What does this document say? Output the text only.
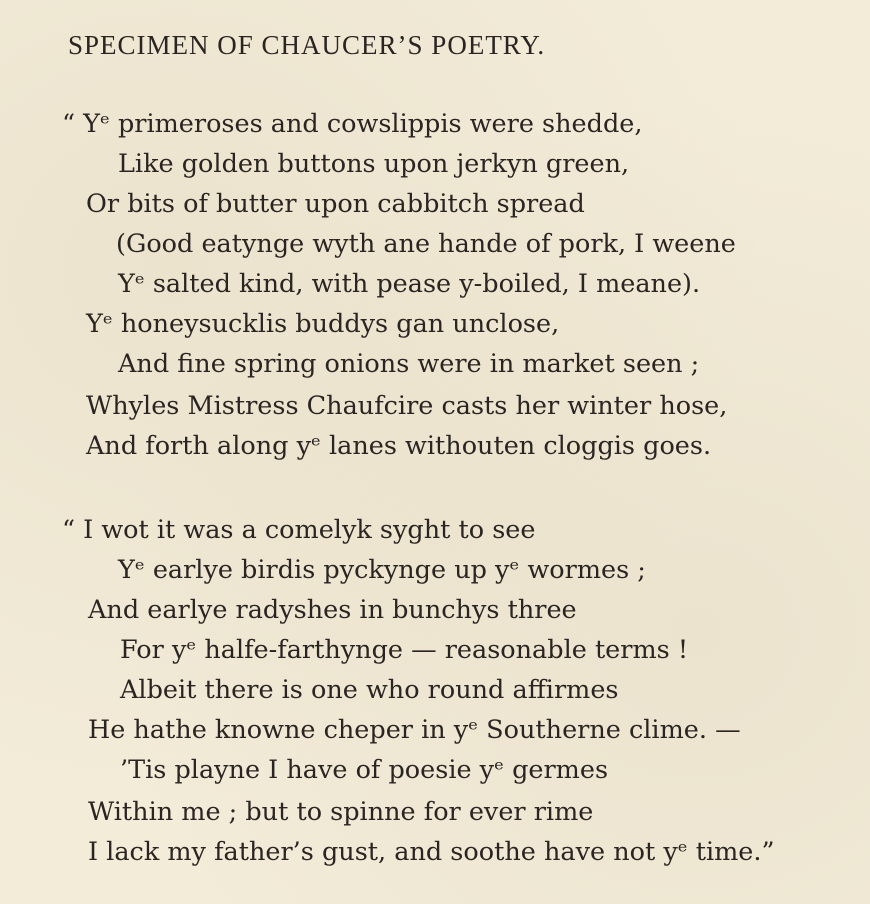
SPECIMEN OF CHAUCER’S POETRY.
“ Yᵉ primeroses and cowslippis were shedde,
Like golden buttons upon jerkyn green,
Or bits of butter upon cabbitch spread
(Good eatynge wyth ane hande of pork, I weene
Yᵉ salted kind, with pease y-boiled, I meane).
Yᵉ honeysucklis buddys gan unclose,
And fine spring onions were in market seen ;
Whyles Mistress Chaufcire casts her winter hose,
And forth along yᵉ lanes withouten cloggis goes.
“ I wot it was a comelyk syght to see
Yᵉ earlye birdis pyckynge up yᵉ wormes ;
And earlye radyshes in bunchys three
For yᵉ halfe-farthynge — reasonable terms !
Albeit there is one who round affirmes
He hathe knowne cheper in yᵉ Southerne clime. —
’Tis playne I have of poesie yᵉ germes
Within me ; but to spinne for ever rime
I lack my father’s gust, and soothe have not yᵉ time.”
